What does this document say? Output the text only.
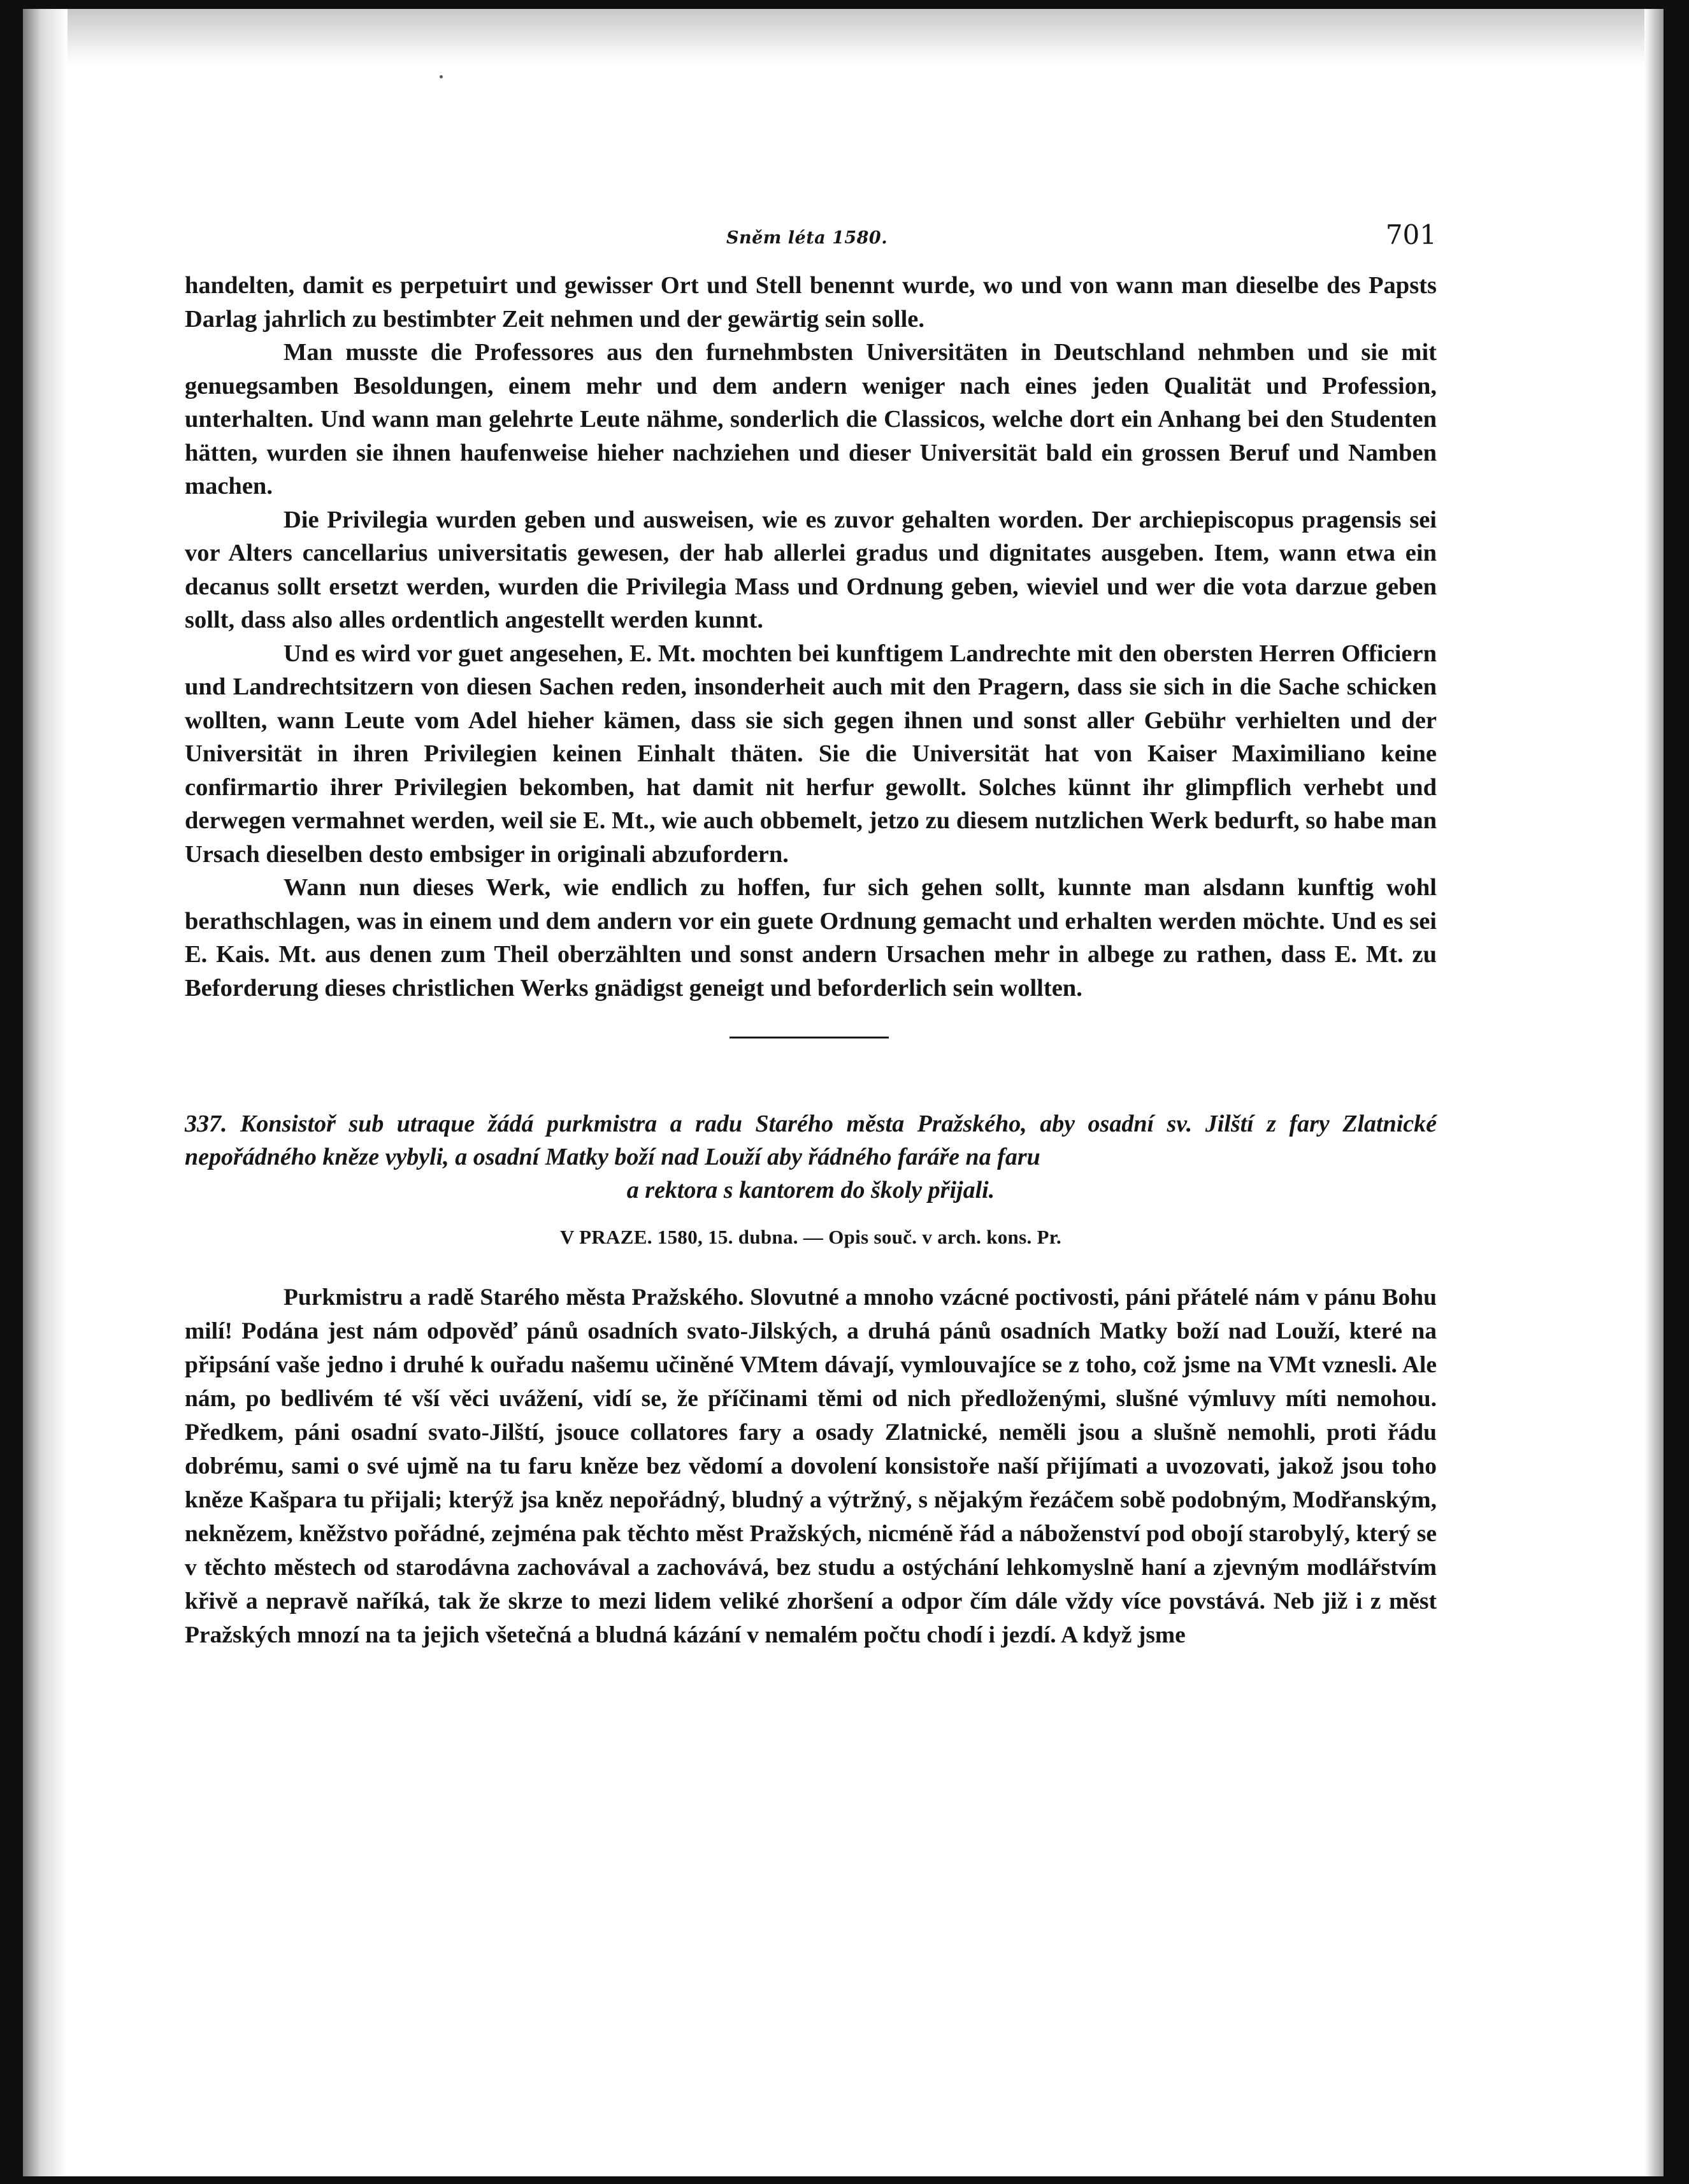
Sněm léta 1580.	701

handelten, damit es perpetuirt und gewisser Ort und Stell benennt wurde, wo und von wann man dieselbe des Papsts Darlag jahrlich zu bestimbter Zeit nehmen und der gewärtig sein solle.

Man musste die Professores aus den furnehmbsten Universitäten in Deutschland nehmben und sie mit genuegsamben Besoldungen, einem mehr und dem andern weniger nach eines jeden Qualität und Profession, unterhalten. Und wann man gelehrte Leute nähme, sonderlich die Classicos, welche dort ein Anhang bei den Studenten hätten, wurden sie ihnen haufenweise hieher nachziehen und dieser Universität bald ein grossen Beruf und Namben machen.

Die Privilegia wurden geben und ausweisen, wie es zuvor gehalten worden. Der archiepiscopus pragensis sei vor Alters cancellarius universitatis gewesen, der hab allerlei gradus und dignitates ausgeben. Item, wann etwa ein decanus sollt ersetzt werden, wurden die Privilegia Mass und Ordnung geben, wieviel und wer die vota darzue geben sollt, dass also alles ordentlich angestellt werden kunnt.

Und es wird vor guet angesehen, E. Mt. mochten bei kunftigem Landrechte mit den obersten Herren Officiern und Landrechtsitzern von diesen Sachen reden, insonderheit auch mit den Pragern, dass sie sich in die Sache schicken wollten, wann Leute vom Adel hieher kämen, dass sie sich gegen ihnen und sonst aller Gebühr verhielten und der Universität in ihren Privilegien keinen Einhalt thäten. Sie die Universität hat von Kaiser Maximiliano keine confirmartio ihrer Privilegien bekomben, hat damit nit herfur gewollt. Solches künnt ihr glimpflich verhebt und derwegen vermahnet werden, weil sie E. Mt., wie auch obbemelt, jetzo zu diesem nutzlichen Werk bedurft, so habe man Ursach dieselben desto embsiger in originali abzufordern.

Wann nun dieses Werk, wie endlich zu hoffen, fur sich gehen sollt, kunnte man alsdann kunftig wohl berathschlagen, was in einem und dem andern vor ein guete Ordnung gemacht und erhalten werden möchte. Und es sei E. Kais. Mt. aus denen zum Theil oberzählten und sonst andern Ursachen mehr in albege zu rathen, dass E. Mt. zu Beforderung dieses christlichen Werks gnädigst geneigt und beforderlich sein wollten.

337. Konsistoř sub utraque žádá purkmistra a radu Starého města Pražského, aby osadní sv. Jilští z fary Zlatnické nepořádného kněze vybyli, a osadní Matky boží nad Louží aby řádného faráře na faru
a rektora s kantorem do školy přijali.
V PRAZE. 1580, 15. dubna. — Opis souč. v arch. kons. Pr.

Purkmistru a radě Starého města Pražského. Slovutné a mnoho vzácné poctivosti, páni přátelé nám v pánu Bohu milí! Podána jest nám odpověď pánů osadních svato-Jilských, a druhá pánů osadních Matky boží nad Louží, které na připsání vaše jedno i druhé k ouřadu našemu učiněné VMtem dávají, vymlouvajíce se z toho, což jsme na VMt vznesli. Ale nám, po bedlivém té vší věci uvážení, vidí se, že příčinami těmi od nich předloženými, slušné výmluvy míti nemohou. Předkem, páni osadní svato-Jilští, jsouce collatores fary a osady Zlatnické, neměli jsou a slušně nemohli, proti řádu dobrému, sami o své ujmě na tu faru kněze bez vědomí a dovolení konsistoře naší přijímati a uvozovati, jakož jsou toho kněze Kašpara tu přijali; kterýž jsa kněz nepořádný, bludný a výtržný, s nějakým řezáčem sobě podobným, Modřanským, neknězem, kněžstvo pořádné, zejména pak těchto měst Pražských, nicméně řád a náboženství pod obojí starobylý, který se v těchto městech od starodávna zachovával a zachovává, bez studu a ostýchání lehkomyslně haní a zjevným modlářstvím křivě a nepravě naříká, tak že skrze to mezi lidem veliké zhoršení a odpor čím dále vždy více povstává. Neb již i z měst Pražských mnozí na ta jejich všetečná a bludná kázání v nemalém počtu chodí i jezdí. A když jsme
